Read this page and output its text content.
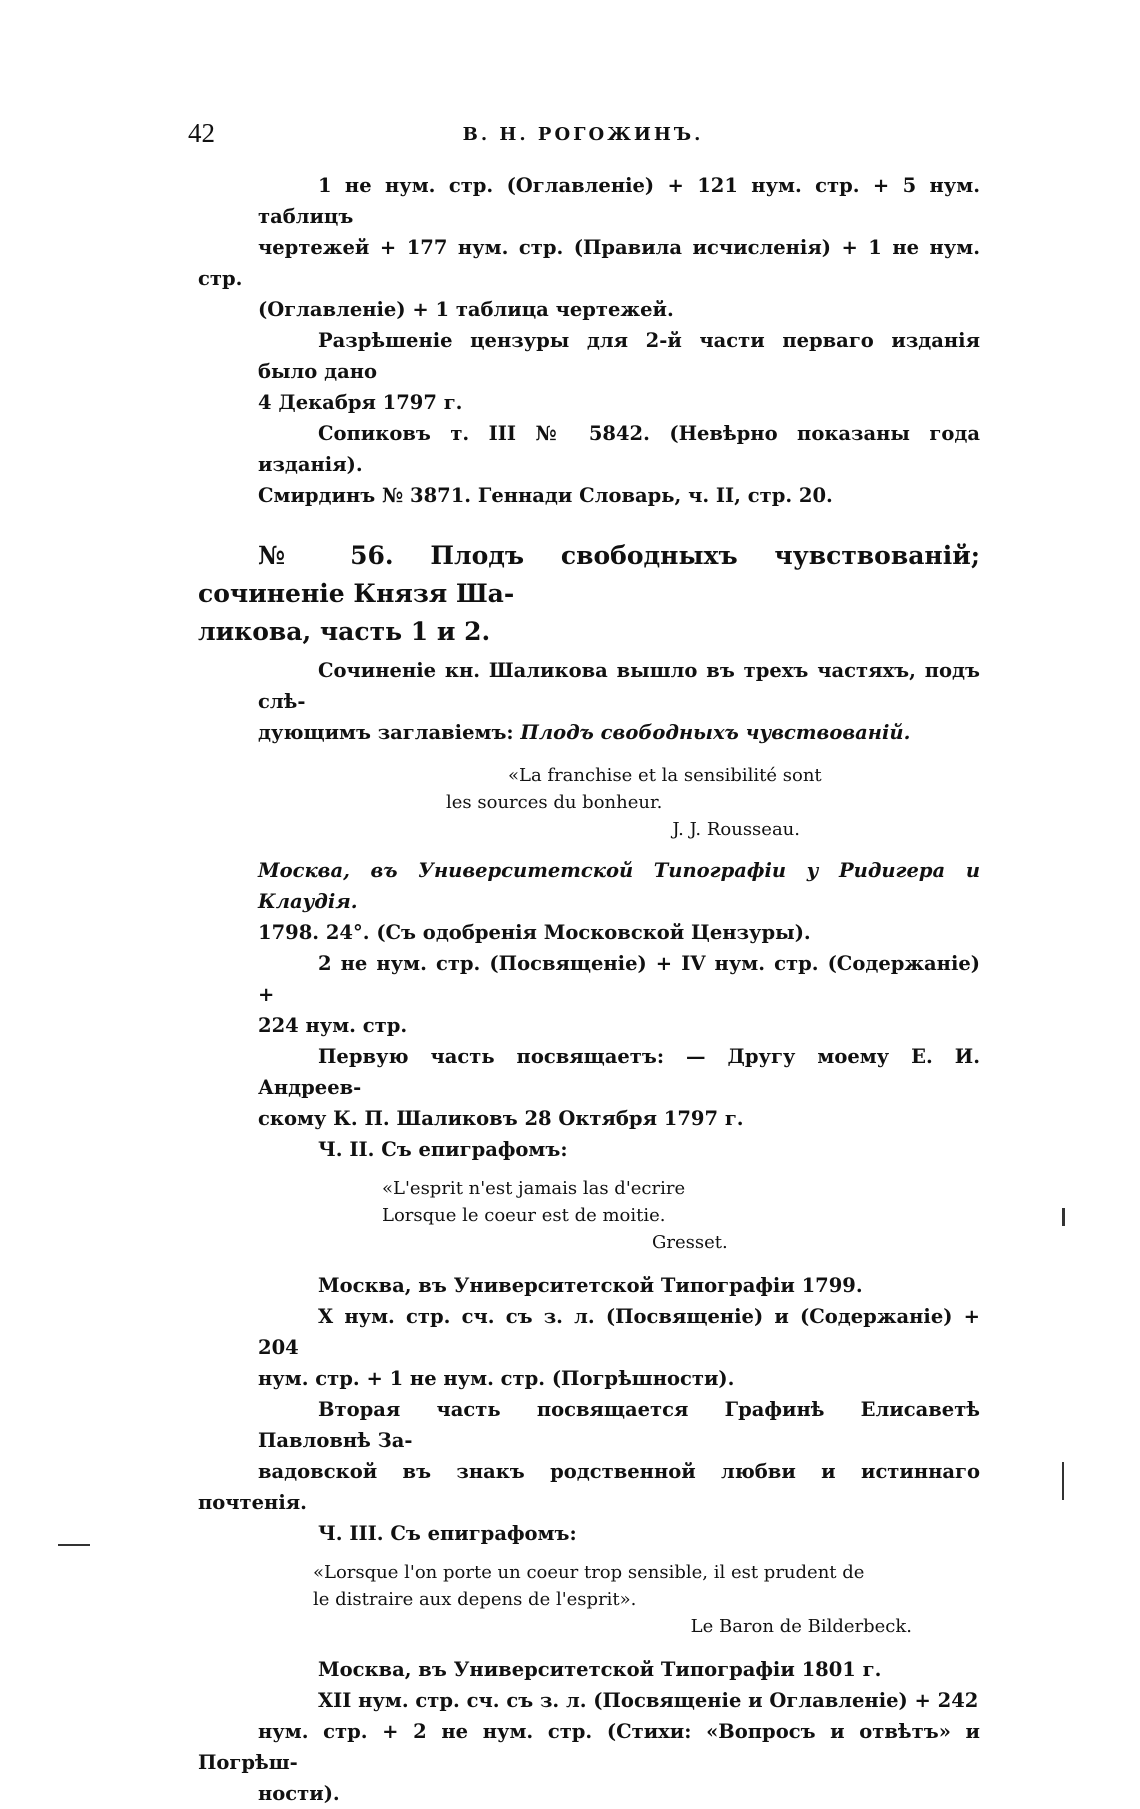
42	В. Н. РОГОЖИНЪ.
1 не нум. стр. (Оглавленіе) + 121 нум. стр. + 5 нум. таблицъ
чертежей + 177 нум. стр. (Правила исчисленія) + 1 не нум. стр.
(Оглавленіе) + 1 таблица чертежей.
Разрѣшеніе цензуры для 2-й части перваго изданія было дано
4 Декабря 1797 г.
Сопиковъ т. III № 5842. (Невѣрно показаны года изданія).
Смирдинъ № 3871. Геннади Словарь, ч. II, стр. 20.
№ 56. Плодъ свободныхъ чувствованій; сочиненіе Князя Ша-
ликова, часть 1 и 2.
Сочиненіе кн. Шаликова вышло въ трехъ частяхъ, подъ слѣ-
дующимъ заглавіемъ: Плодъ свободныхъ чувствованій.
«La franchise et la sensibilité sont
les sources du bonheur.
J. J. Rousseau.
Москва, въ Университетской Типографіи у Ридигера и Клаудія.
1798. 24°. (Съ одобренія Московской Цензуры).
2 не нум. стр. (Посвященіе) + IV нум. стр. (Содержаніе) +
224 нум. стр.
Первую часть посвящаетъ: — Другу моему Е. И. Андреев-
скому К. П. Шаликовъ 28 Октября 1797 г.
Ч. II. Съ епиграфомъ:
«L'esprit n'est jamais las d'ecrire
Lorsque le coeur est de moitie.
Gresset.
Москва, въ Университетской Типографіи 1799.
X нум. стр. сч. съ з. л. (Посвященіе) и (Содержаніе) + 204
нум. стр. + 1 не нум. стр. (Погрѣшности).
Вторая часть посвящается Графинѣ Елисаветѣ Павловнѣ За-
вадовской въ знакъ родственной любви и истиннаго почтенія.
Ч. III. Съ епиграфомъ:
«Lorsque l'on porte un coeur trop sensible, il est prudent de
le distraire aux depens de l'esprit».
Le Baron de Bilderbeck.
Москва, въ Университетской Типографіи 1801 г.
XII нум. стр. сч. съ з. л. (Посвященіе и Оглавленіе) + 242
нум. стр. + 2 не нум. стр. (Стихи: «Вопросъ и отвѣтъ» и Погрѣш-
ности).
